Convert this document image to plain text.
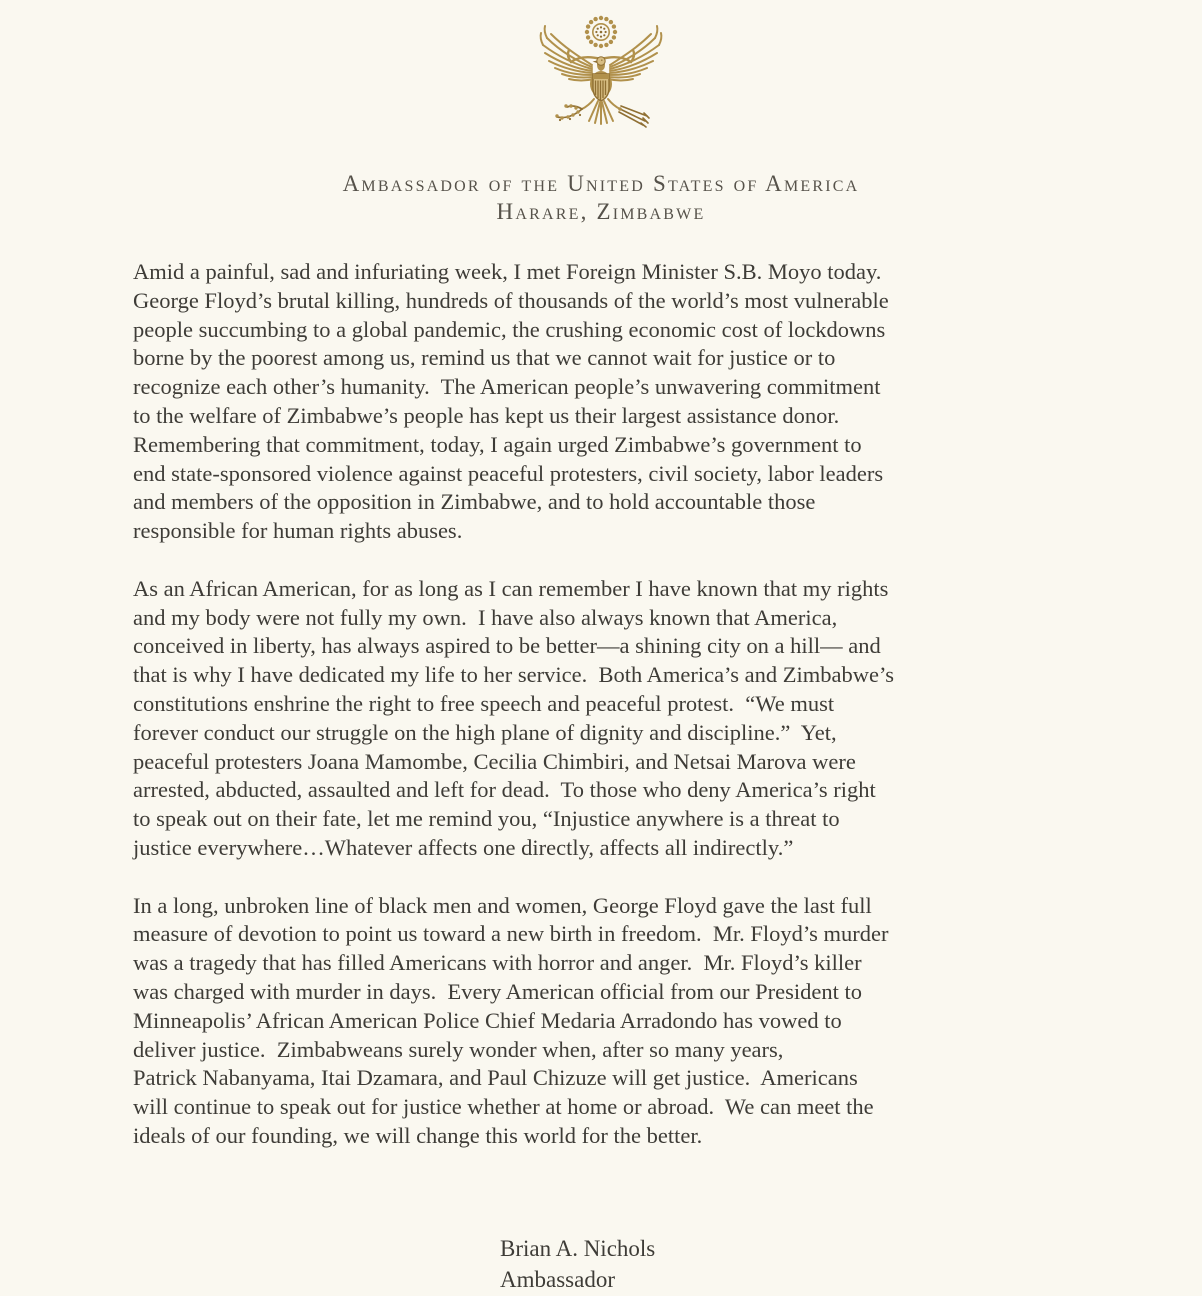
Ambassador of the United States of America
Harare, Zimbabwe
Amid a painful, sad and infuriating week, I met Foreign Minister S.B. Moyo today.
George Floyd’s brutal killing, hundreds of thousands of the world’s most vulnerable
people succumbing to a global pandemic, the crushing economic cost of lockdowns
borne by the poorest among us, remind us that we cannot wait for justice or to
recognize each other’s humanity.  The American people’s unwavering commitment
to the welfare of Zimbabwe’s people has kept us their largest assistance donor.
Remembering that commitment, today, I again urged Zimbabwe’s government to
end state-sponsored violence against peaceful protesters, civil society, labor leaders
and members of the opposition in Zimbabwe, and to hold accountable those
responsible for human rights abuses.
As an African American, for as long as I can remember I have known that my rights
and my body were not fully my own.  I have also always known that America,
conceived in liberty, has always aspired to be better—a shining city on a hill— and
that is why I have dedicated my life to her service.  Both America’s and Zimbabwe’s
constitutions enshrine the right to free speech and peaceful protest.  “We must
forever conduct our struggle on the high plane of dignity and discipline.”  Yet,
peaceful protesters Joana Mamombe, Cecilia Chimbiri, and Netsai Marova were
arrested, abducted, assaulted and left for dead.  To those who deny America’s right
to speak out on their fate, let me remind you, “Injustice anywhere is a threat to
justice everywhere…Whatever affects one directly, affects all indirectly.”
In a long, unbroken line of black men and women, George Floyd gave the last full
measure of devotion to point us toward a new birth in freedom.  Mr. Floyd’s murder
was a tragedy that has filled Americans with horror and anger.  Mr. Floyd’s killer
was charged with murder in days.  Every American official from our President to
Minneapolis’ African American Police Chief Medaria Arradondo has vowed to
deliver justice.  Zimbabweans surely wonder when, after so many years,
Patrick Nabanyama, Itai Dzamara, and Paul Chizuze will get justice.  Americans
will continue to speak out for justice whether at home or abroad.  We can meet the
ideals of our founding, we will change this world for the better.
Brian A. Nichols
Ambassador
